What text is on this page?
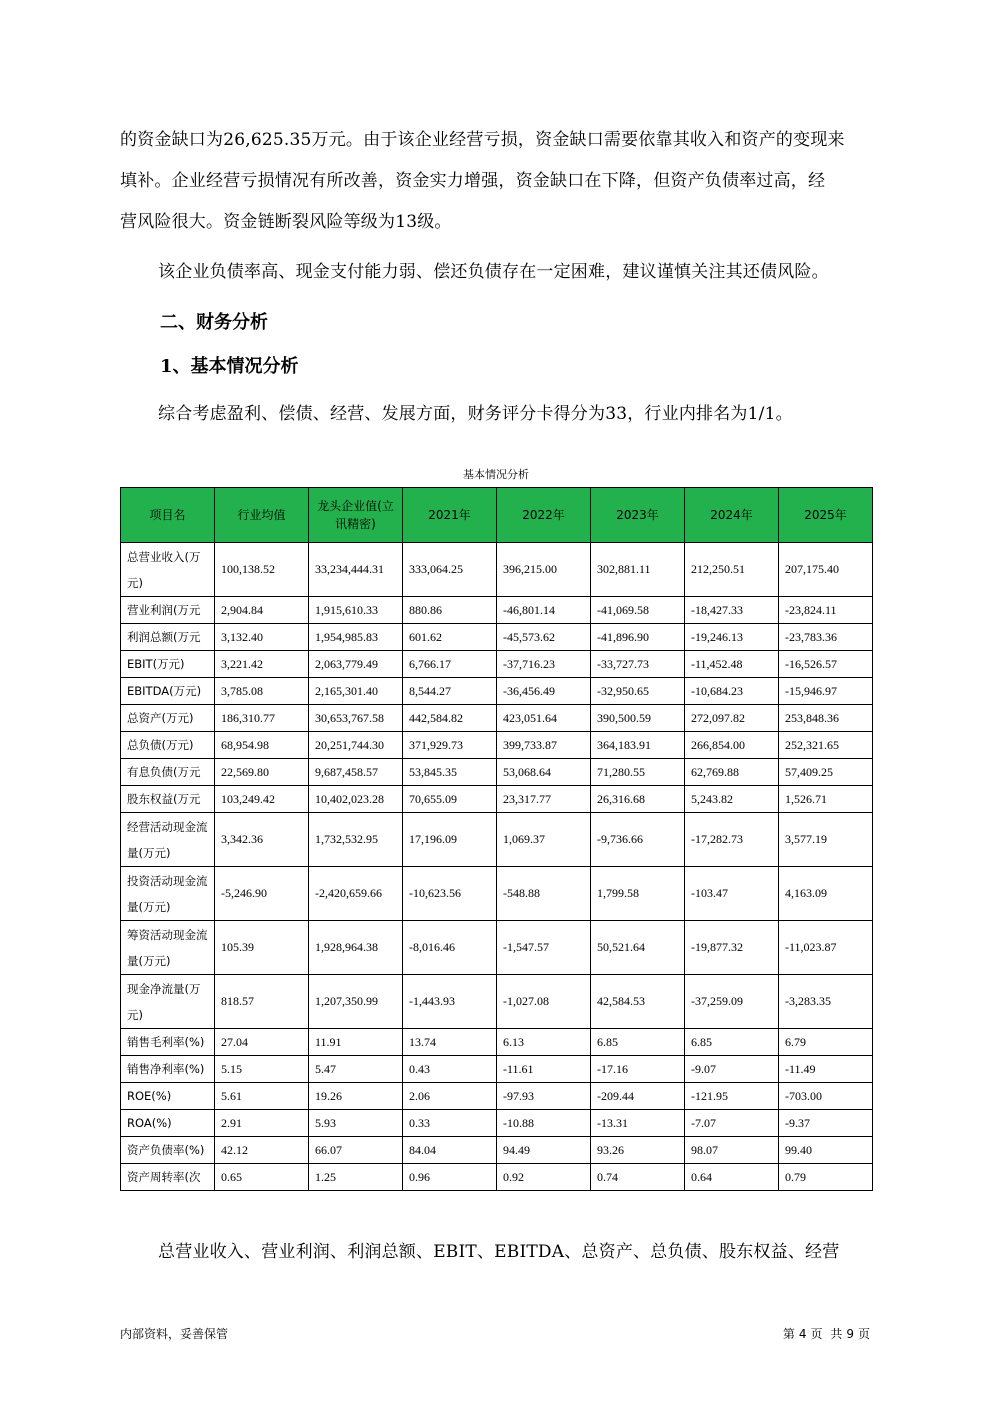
的资金缺口为26,625.35万元。由于该企业经营亏损，资金缺口需要依靠其收入和资产的变现来
填补。企业经营亏损情况有所改善，资金实力增强，资金缺口在下降，但资产负债率过高，经
营风险很大。资金链断裂风险等级为13级。

该企业负债率高、现金支付能力弱、偿还负债存在一定困难，建议谨慎关注其还债风险。

二、财务分析
1、基本情况分析

综合考虑盈利、偿债、经营、发展方面，财务评分卡得分为33，行业内排名为1/1。

基本情况分析
项目名	行业均值	龙头企业值(立讯精密)	2021年	2022年	2023年	2024年	2025年
总营业收入(万元)	100,138.52	33,234,444.31	333,064.25	396,215.00	302,881.11	212,250.51	207,175.40
营业利润(万元	2,904.84	1,915,610.33	880.86	-46,801.14	-41,069.58	-18,427.33	-23,824.11
利润总额(万元	3,132.40	1,954,985.83	601.62	-45,573.62	-41,896.90	-19,246.13	-23,783.36
EBIT(万元)	3,221.42	2,063,779.49	6,766.17	-37,716.23	-33,727.73	-11,452.48	-16,526.57
EBITDA(万元)	3,785.08	2,165,301.40	8,544.27	-36,456.49	-32,950.65	-10,684.23	-15,946.97
总资产(万元)	186,310.77	30,653,767.58	442,584.82	423,051.64	390,500.59	272,097.82	253,848.36
总负债(万元)	68,954.98	20,251,744.30	371,929.73	399,733.87	364,183.91	266,854.00	252,321.65
有息负债(万元	22,569.80	9,687,458.57	53,845.35	53,068.64	71,280.55	62,769.88	57,409.25
股东权益(万元	103,249.42	10,402,023.28	70,655.09	23,317.77	26,316.68	5,243.82	1,526.71
经营活动现金流量(万元)	3,342.36	1,732,532.95	17,196.09	1,069.37	-9,736.66	-17,282.73	3,577.19
投资活动现金流量(万元)	-5,246.90	-2,420,659.66	-10,623.56	-548.88	1,799.58	-103.47	4,163.09
筹资活动现金流量(万元)	105.39	1,928,964.38	-8,016.46	-1,547.57	50,521.64	-19,877.32	-11,023.87
现金净流量(万元)	818.57	1,207,350.99	-1,443.93	-1,027.08	42,584.53	-37,259.09	-3,283.35
销售毛利率(%)	27.04	11.91	13.74	6.13	6.85	6.85	6.79
销售净利率(%)	5.15	5.47	0.43	-11.61	-17.16	-9.07	-11.49
ROE(%)	5.61	19.26	2.06	-97.93	-209.44	-121.95	-703.00
ROA(%)	2.91	5.93	0.33	-10.88	-13.31	-7.07	-9.37
资产负债率(%)	42.12	66.07	84.04	94.49	93.26	98.07	99.40
资产周转率(次	0.65	1.25	0.96	0.92	0.74	0.64	0.79

总营业收入、营业利润、利润总额、EBIT、EBITDA、总资产、总负债、股东权益、经营

内部资料，妥善保管	第 4 页 共 9 页
